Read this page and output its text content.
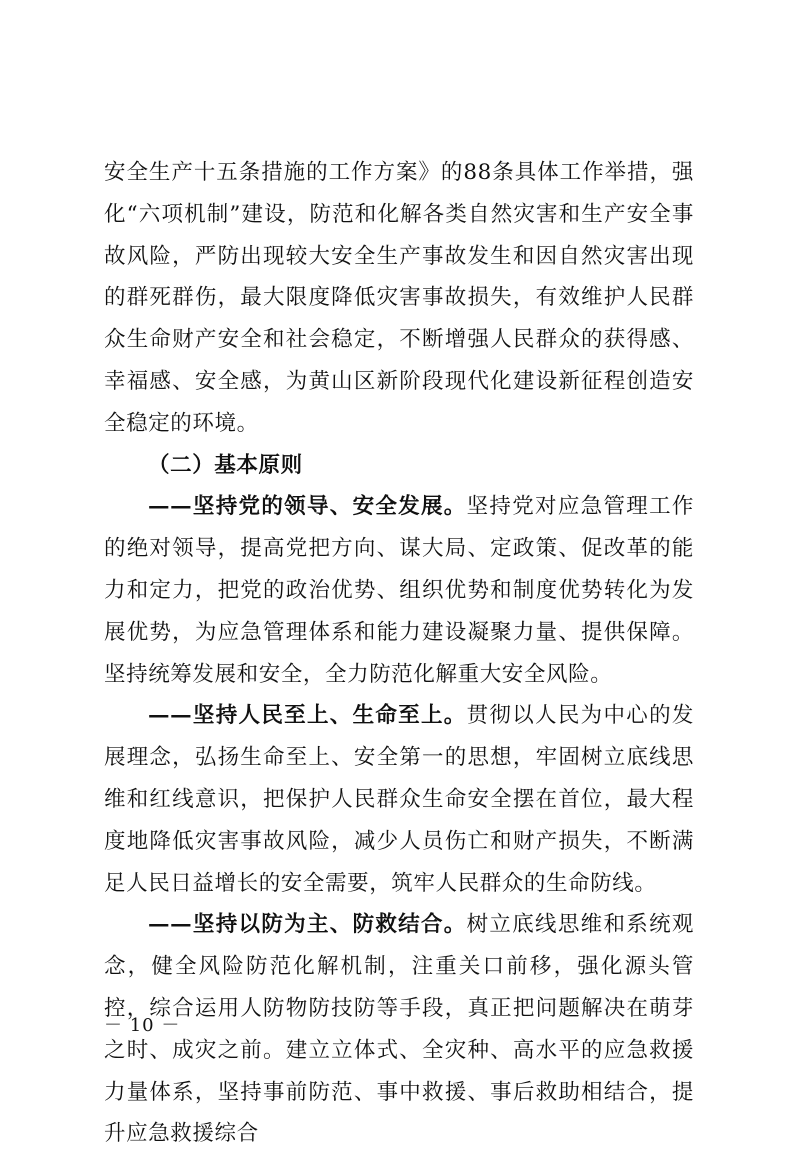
安全生产十五条措施的工作方案》的88条具体工作举措，强化“六项机制”建设，防范和化解各类自然灾害和生产安全事故风险，严防出现较大安全生产事故发生和因自然灾害出现的群死群伤，最大限度降低灾害事故损失，有效维护人民群众生命财产安全和社会稳定，不断增强人民群众的获得感、幸福感、安全感，为黄山区新阶段现代化建设新征程创造安全稳定的环境。

（二）基本原则

——坚持党的领导、安全发展。坚持党对应急管理工作的绝对领导，提高党把方向、谋大局、定政策、促改革的能力和定力，把党的政治优势、组织优势和制度优势转化为发展优势，为应急管理体系和能力建设凝聚力量、提供保障。坚持统筹发展和安全，全力防范化解重大安全风险。

——坚持人民至上、生命至上。贯彻以人民为中心的发展理念，弘扬生命至上、安全第一的思想，牢固树立底线思维和红线意识，把保护人民群众生命安全摆在首位，最大程度地降低灾害事故风险，减少人员伤亡和财产损失，不断满足人民日益增长的安全需要，筑牢人民群众的生命防线。

——坚持以防为主、防救结合。树立底线思维和系统观念，健全风险防范化解机制，注重关口前移，强化源头管控，综合运用人防物防技防等手段，真正把问题解决在萌芽之时、成灾之前。建立立体式、全灾种、高水平的应急救援力量体系，坚持事前防范、事中救援、事后救助相结合，提升应急救援综合

－ 10 －
